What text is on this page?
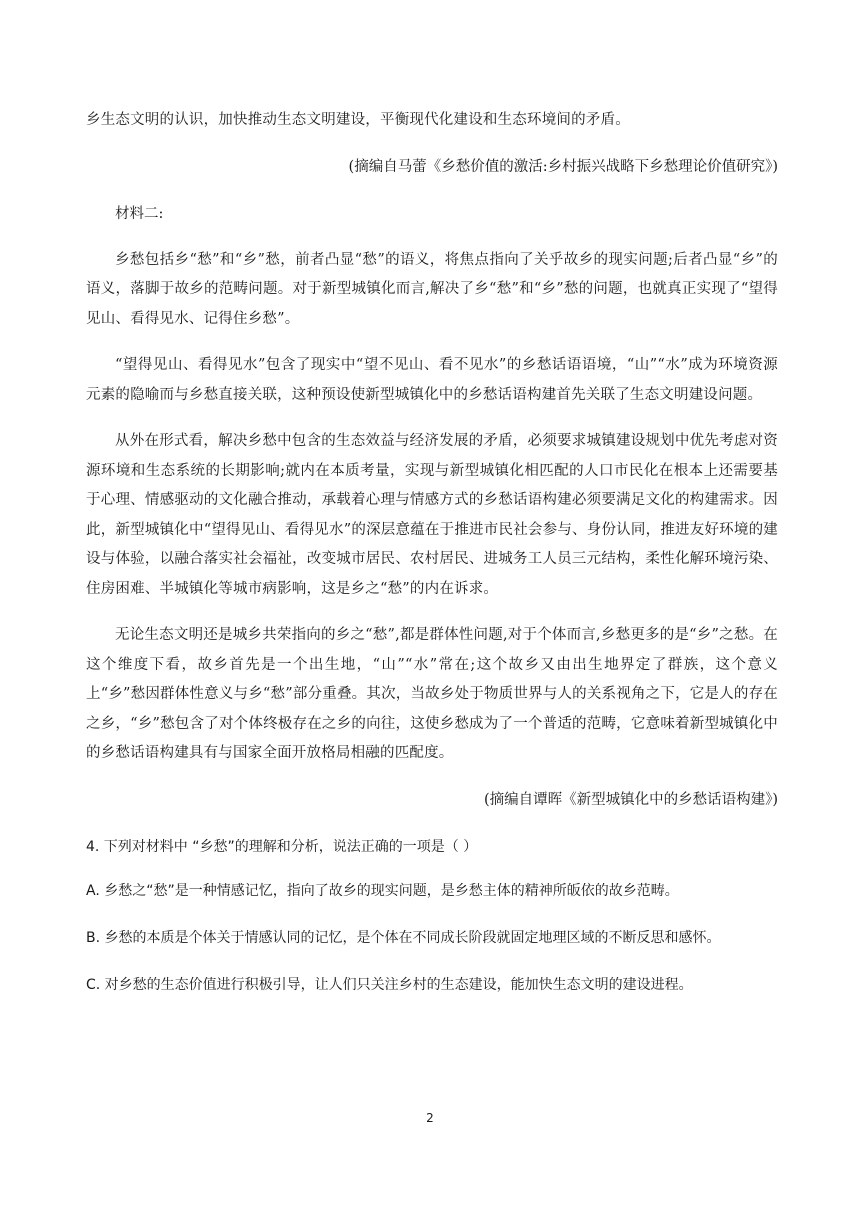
乡生态文明的认识，加快推动生态文明建设，平衡现代化建设和生态环境间的矛盾。

(摘编自马蕾《乡愁价值的激活:乡村振兴战略下乡愁理论价值研究》)

材料二:

乡愁包括乡“愁”和“乡”愁，前者凸显“愁”的语义，将焦点指向了关乎故乡的现实问题;后者凸显“乡”的语义，落脚于故乡的范畴问题。对于新型城镇化而言,解决了乡“愁”和“乡”愁的问题，也就真正实现了“望得见山、看得见水、记得住乡愁”。

“望得见山、看得见水”包含了现实中“望不见山、看不见水”的乡愁话语语境，“山”“水”成为环境资源元素的隐喻而与乡愁直接关联，这种预设使新型城镇化中的乡愁话语构建首先关联了生态文明建设问题。

从外在形式看，解决乡愁中包含的生态效益与经济发展的矛盾，必须要求城镇建设规划中优先考虑对资源环境和生态系统的长期影响;就内在本质考量，实现与新型城镇化相匹配的人口市民化在根本上还需要基于心理、情感驱动的文化融合推动，承载着心理与情感方式的乡愁话语构建必须要满足文化的构建需求。因此，新型城镇化中“望得见山、看得见水”的深层意蕴在于推进市民社会参与、身份认同，推进友好环境的建设与体验，以融合落实社会福祉，改变城市居民、农村居民、进城务工人员三元结构，柔性化解环境污染、住房困难、半城镇化等城市病影响，这是乡之“愁”的内在诉求。

无论生态文明还是城乡共荣指向的乡之“愁”,都是群体性问题,对于个体而言,乡愁更多的是“乡”之愁。在这个维度下看，故乡首先是一个出生地，“山”“水”常在;这个故乡又由出生地界定了群族，这个意义上“乡”愁因群体性意义与乡“愁”部分重叠。其次，当故乡处于物质世界与人的关系视角之下，它是人的存在之乡，“乡”愁包含了对个体终极存在之乡的向往，这使乡愁成为了一个普适的范畴，它意味着新型城镇化中的乡愁话语构建具有与国家全面开放格局相融的匹配度。

(摘编自谭晖《新型城镇化中的乡愁话语构建》)

4. 下列对材料中 “乡愁”的理解和分析，说法正确的一项是（ ）

A. 乡愁之“愁”是一种情感记忆，指向了故乡的现实问题，是乡愁主体的精神所皈依的故乡范畴。

B. 乡愁的本质是个体关于情感认同的记忆，是个体在不同成长阶段就固定地理区域的不断反思和感怀。

C. 对乡愁的生态价值进行积极引导，让人们只关注乡村的生态建设，能加快生态文明的建设进程。

2
